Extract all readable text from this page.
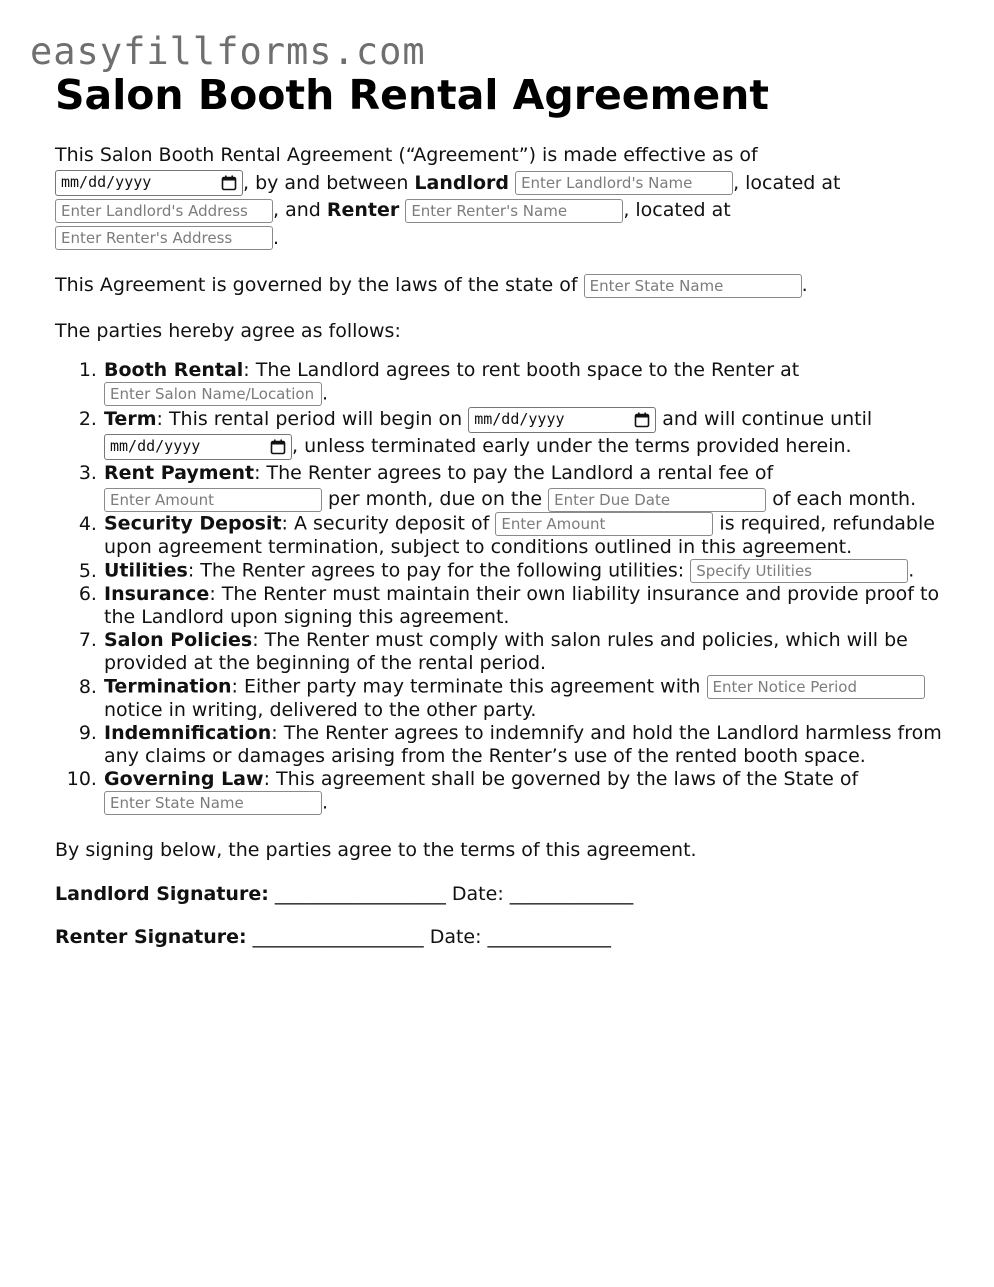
easyfillforms.com
Salon Booth Rental Agreement

This Salon Booth Rental Agreement (“Agreement”) is made effective as of

mm/dd/yyyy	, by and between Landlord Enter Landlord's Name	, located at
Enter Landlord's Address, and Renter Enter Renter's Name	, located at
Enter Renter's Address.

This Agreement is governed by the laws of the state of Enter State Name	.

The parties hereby agree as follows:

1. Booth Rental: The Landlord agrees to rent booth space to the Renter at
Enter Salon Name/Location.
2. Term: This rental period will begin on mm/dd/yyyy	and will continue until

mm/dd/yyyy	, unless terminated early under the terms provided herein.
3. Rent Payment: The Renter agrees to pay the Landlord a rental fee of
Enter Amount per month, due on the Enter Due Date	of each month.
4. Security Deposit: A security deposit of Enter Amount	is required, refundable upon agreement termination, subject to conditions outlined in this agreement.
5. Utilities: The Renter agrees to pay for the following utilities: Specify Utilities	.
6. Insurance: The Renter must maintain their own liability insurance and provide proof to the Landlord upon signing this agreement.
7. Salon Policies: The Renter must comply with salon rules and policies, which will be provided at the beginning of the rental period.
8. Termination: Either party may terminate this agreement with Enter Notice Period notice in writing, delivered to the other party.
9. Indemnification: The Renter agrees to indemnify and hold the Landlord harmless from any claims or damages arising from the Renter’s use of the rented booth space.
10. Governing Law: This agreement shall be governed by the laws of the State of
Enter State Name.

By signing below, the parties agree to the terms of this agreement.

Landlord Signature: __________________ Date: _____________

Renter Signature: __________________ Date: _____________
